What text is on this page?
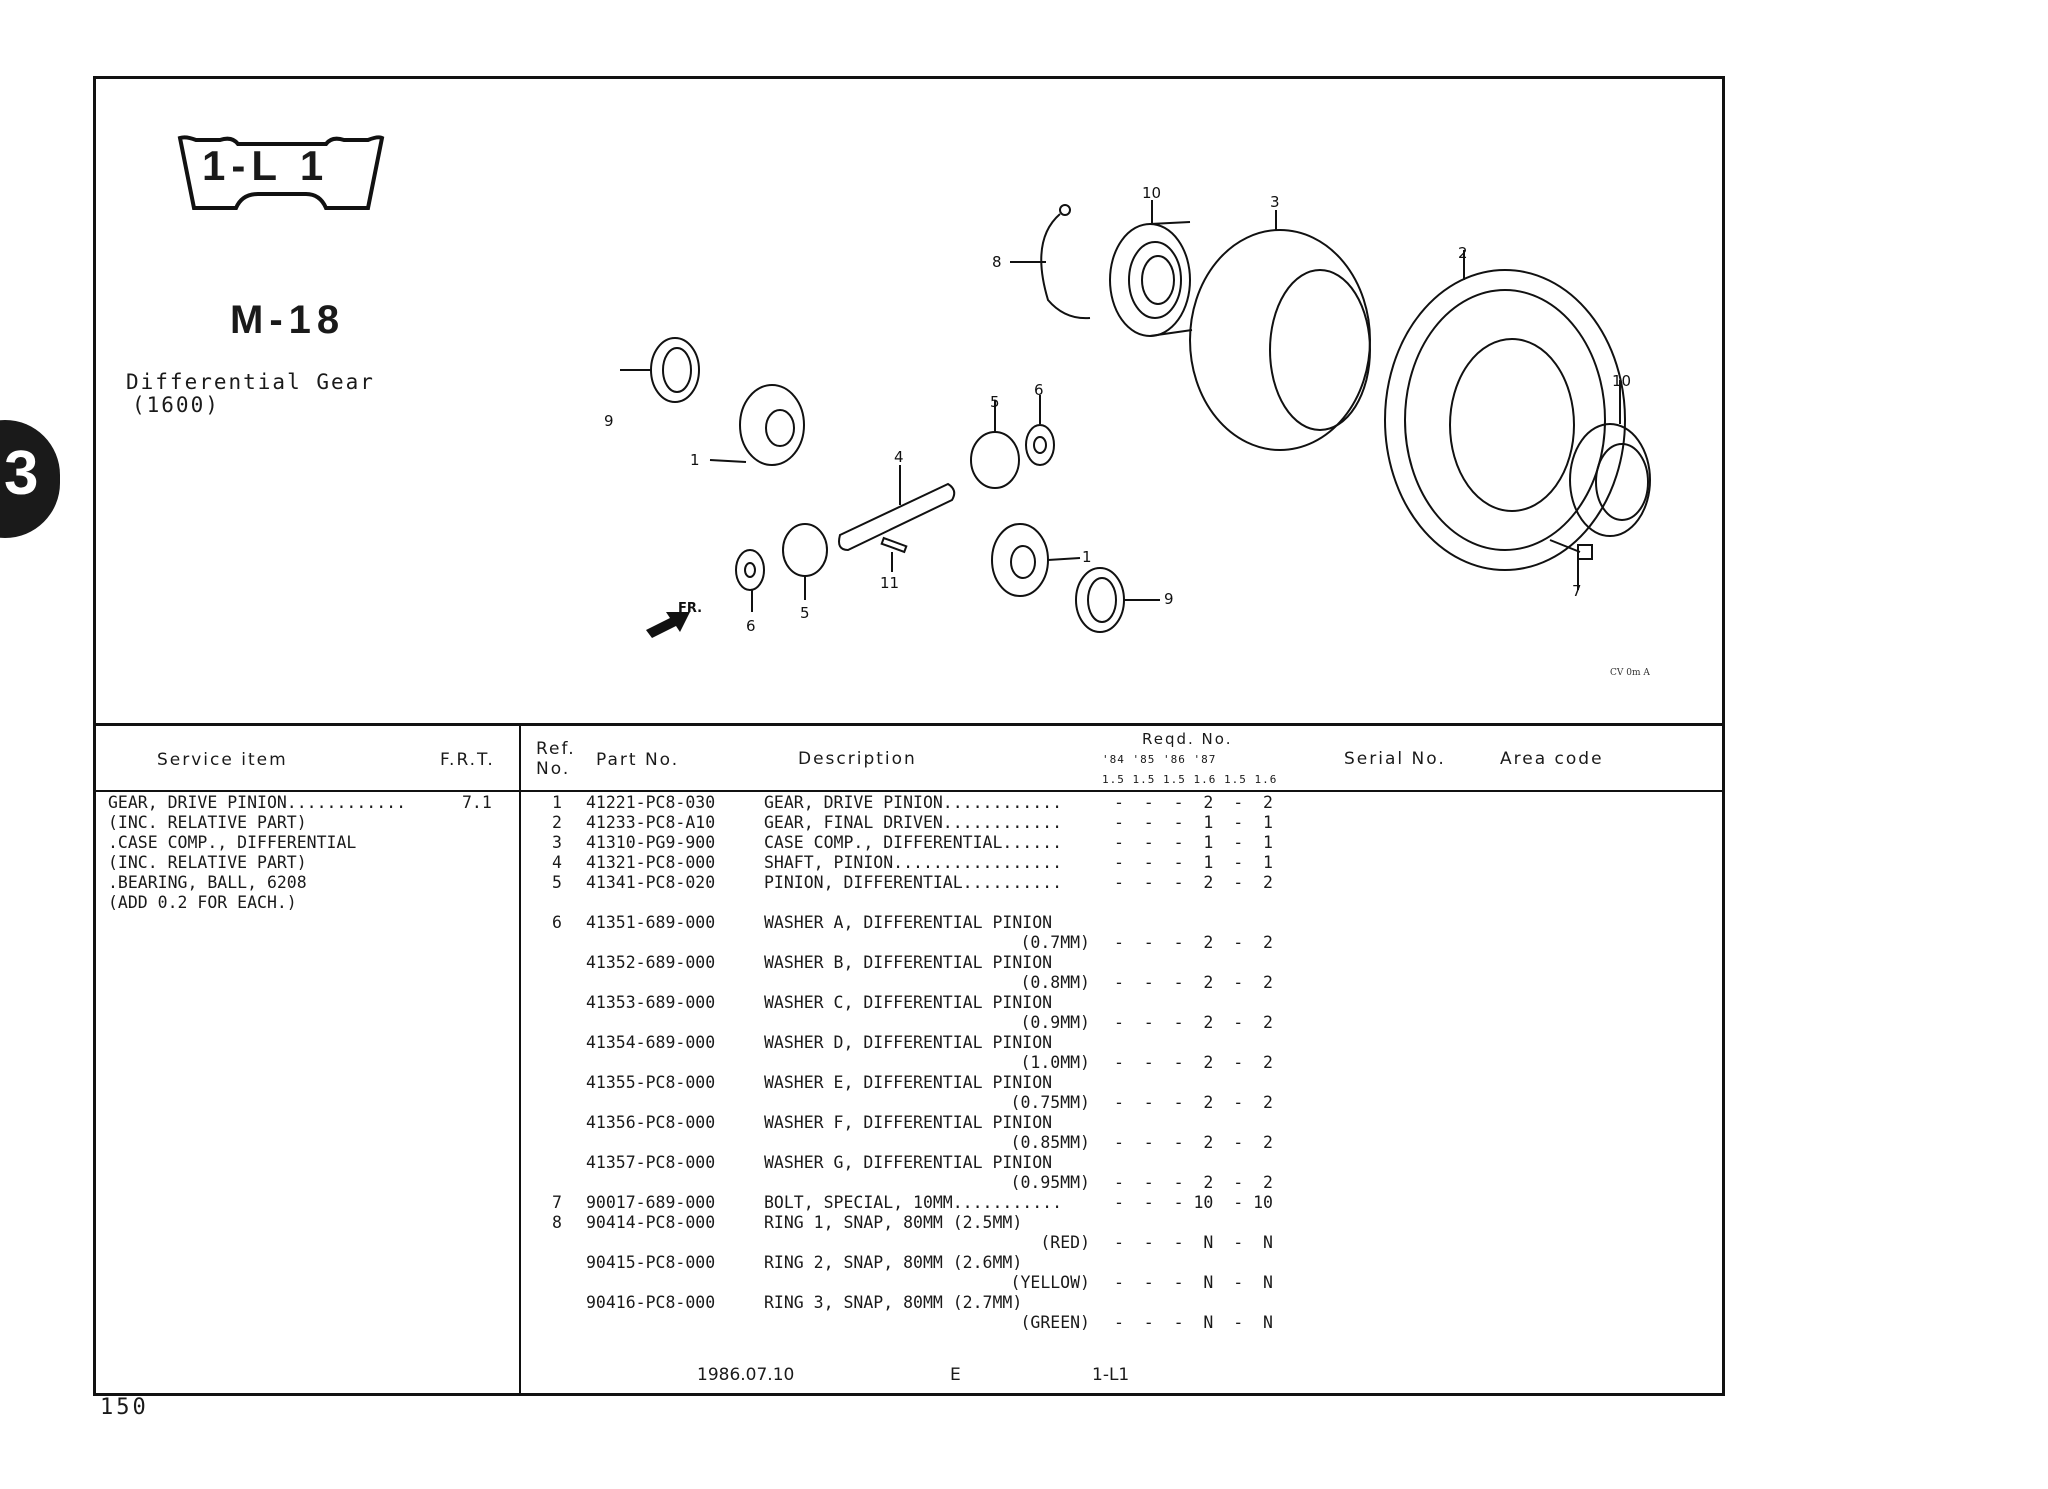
3
1-L 1
M-18
Differential Gear
(1600)
10	3
8	2
10
9
1
5
6
4
11
1
9
6
5
7
FR.
CV 0m A
Service item	F.R.T.
Ref.
No. Part No.	Description
Reqd. No.
'84 '85 '86 '87
1.5 1.5 1.5 1.6 1.5 1.6
Serial No.	Area code
GEAR, DRIVE PINION............	7.1
(INC. RELATIVE PART)
.CASE COMP., DIFFERENTIAL
(INC. RELATIVE PART)
.BEARING, BALL, 6208
(ADD 0.2 FOR EACH.)
1 41221-PC8-030	GEAR, DRIVE PINION............	-  -  -  2  -  2
2 41233-PC8-A10	GEAR, FINAL DRIVEN............	-  -  -  1  -  1
3 41310-PG9-900	CASE COMP., DIFFERENTIAL......	-  -  -  1  -  1
4 41321-PC8-000	SHAFT, PINION.................	-  -  -  1  -  1
5 41341-PC8-020	PINION, DIFFERENTIAL..........	-  -  -  2  -  2
6 41351-689-000	WASHER A, DIFFERENTIAL PINION
(0.7MM) -  -  -  2  -  2
41352-689-000	WASHER B, DIFFERENTIAL PINION
(0.8MM) -  -  -  2  -  2
41353-689-000	WASHER C, DIFFERENTIAL PINION
(0.9MM) -  -  -  2  -  2
41354-689-000	WASHER D, DIFFERENTIAL PINION
(1.0MM) -  -  -  2  -  2
41355-PC8-000	WASHER E, DIFFERENTIAL PINION
(0.75MM) -  -  -  2  -  2
41356-PC8-000	WASHER F, DIFFERENTIAL PINION
(0.85MM) -  -  -  2  -  2
41357-PC8-000	WASHER G, DIFFERENTIAL PINION
(0.95MM) -  -  -  2  -  2
7 90017-689-000	BOLT, SPECIAL, 10MM...........	-  -  - 10  - 10
8 90414-PC8-000	RING 1, SNAP, 80MM (2.5MM)
(RED) -  -  -  N  -  N
90415-PC8-000	RING 2, SNAP, 80MM (2.6MM)
(YELLOW) -  -  -  N  -  N
90416-PC8-000	RING 3, SNAP, 80MM (2.7MM)
(GREEN) -  -  -  N  -  N
1986.07.10	E	1-L1
150
